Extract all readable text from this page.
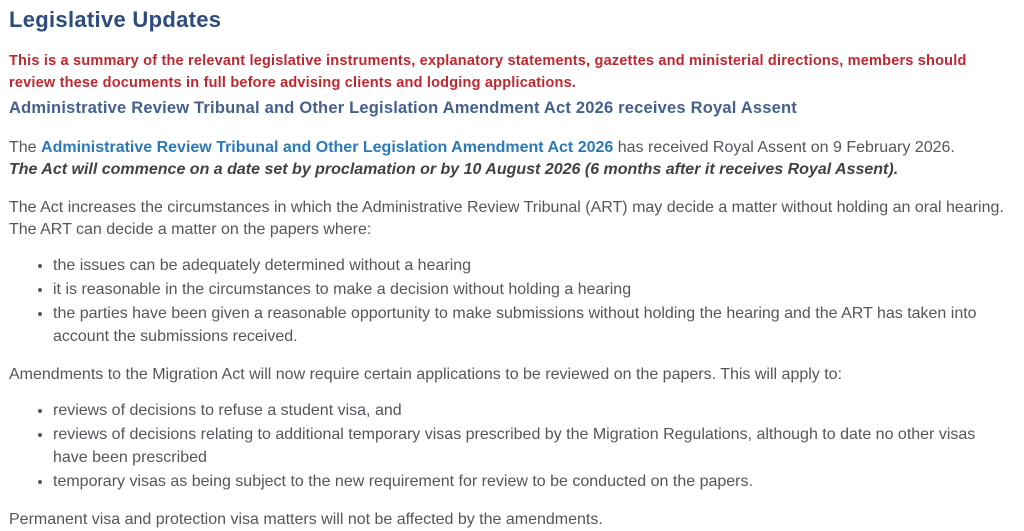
Legislative Updates

This is a summary of the relevant legislative instruments, explanatory statements, gazettes and ministerial directions, members should review these documents in full before advising clients and lodging applications.

Administrative Review Tribunal and Other Legislation Amendment Act 2026 receives Royal Assent
The Administrative Review Tribunal and Other Legislation Amendment Act 2026 has received Royal Assent on 9 February 2026.
The Act will commence on a date set by proclamation or by 10 August 2026 (6 months after it receives Royal Assent).

The Act increases the circumstances in which the Administrative Review Tribunal (ART) may decide a matter without holding an oral hearing. The ART can decide a matter on the papers where:

• the issues can be adequately determined without a hearing
• it is reasonable in the circumstances to make a decision without holding a hearing
• the parties have been given a reasonable opportunity to make submissions without holding the hearing and the ART has taken into account the submissions received.

Amendments to the Migration Act will now require certain applications to be reviewed on the papers. This will apply to:

• reviews of decisions to refuse a student visa, and
• reviews of decisions relating to additional temporary visas prescribed by the Migration Regulations, although to date no other visas have been prescribed
• temporary visas as being subject to the new requirement for review to be conducted on the papers.

Permanent visa and protection visa matters will not be affected by the amendments.
